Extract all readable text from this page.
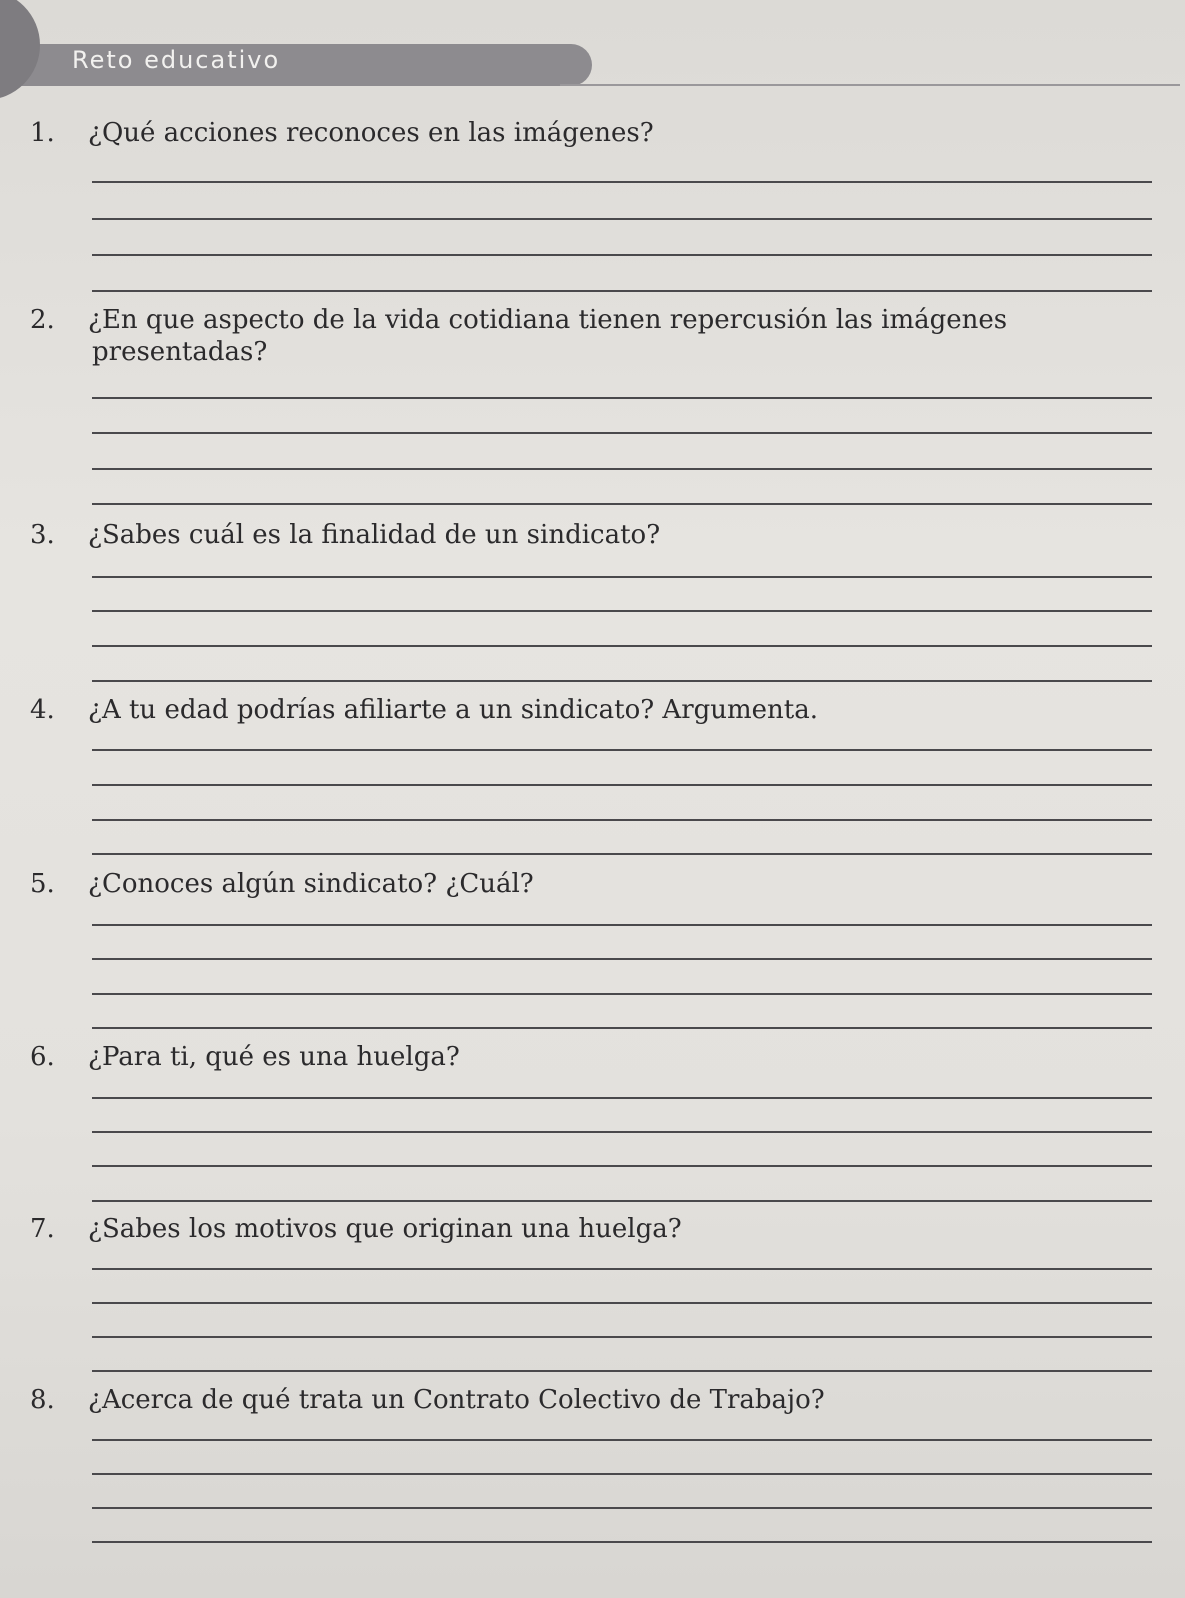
Reto educativo
1. ¿Qué acciones reconoces en las imágenes?
2. ¿En que aspecto de la vida cotidiana tienen repercusión las imágenes
presentadas?
3. ¿Sabes cuál es la finalidad de un sindicato?
4. ¿A tu edad podrías afiliarte a un sindicato? Argumenta.
5. ¿Conoces algún sindicato? ¿Cuál?
6. ¿Para ti, qué es una huelga?
7. ¿Sabes los motivos que originan una huelga?
8. ¿Acerca de qué trata un Contrato Colectivo de Trabajo?
